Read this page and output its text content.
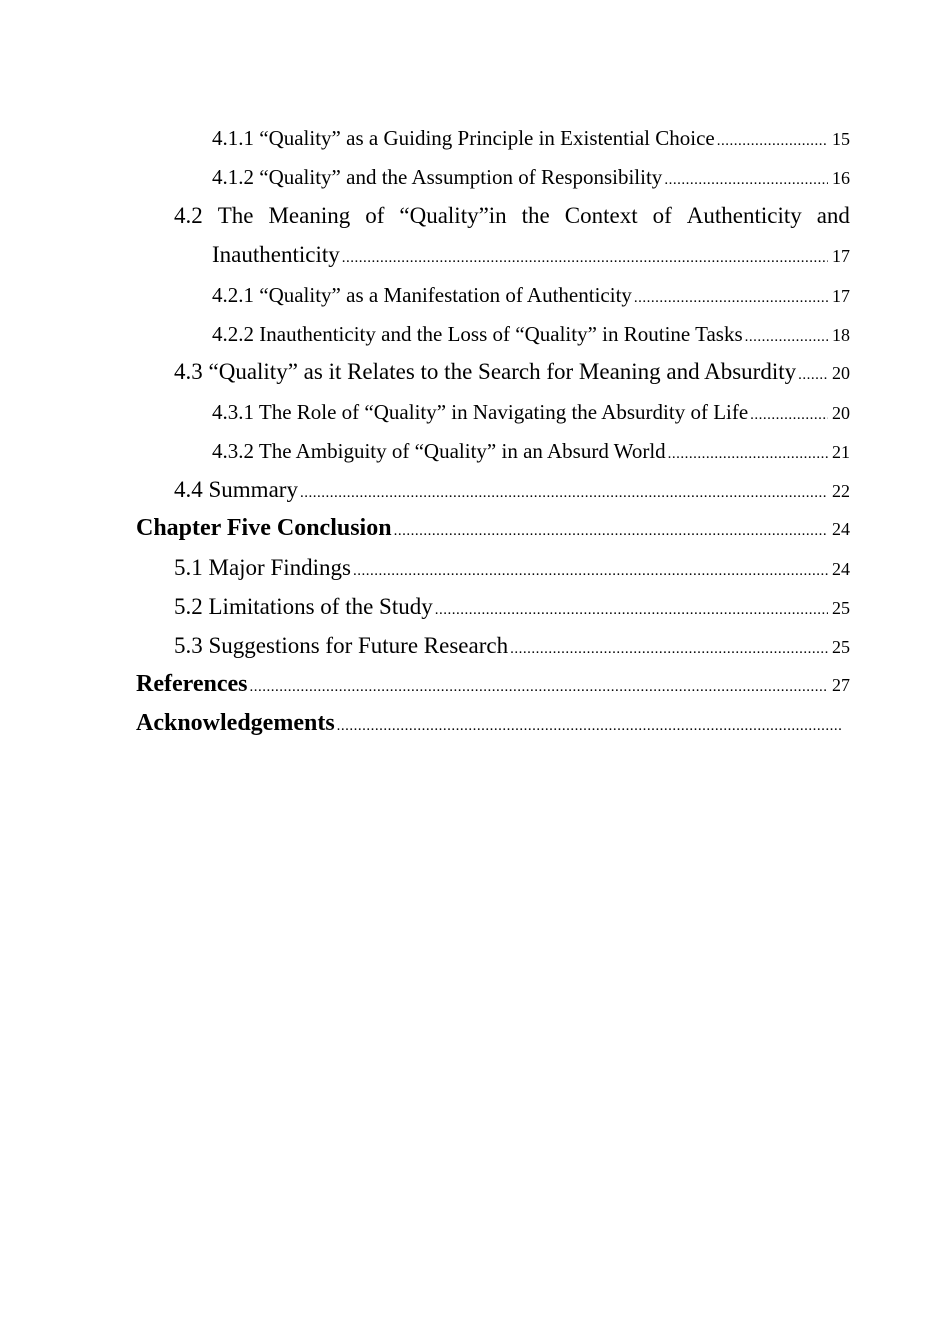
4.1.1 “Quality” as a Guiding Principle in Existential Choice .....	15
4.1.2 “Quality” and the Assumption of Responsibility .....	16
4.2 The Meaning of “Quality”in the Context of Authenticity and
Inauthenticity .....	17
4.2.1 “Quality” as a Manifestation of Authenticity .....	17
4.2.2 Inauthenticity and the Loss of “Quality” in Routine Tasks .....	18
4.3 “Quality” as it Relates to the Search for Meaning and Absurdity ..... 20
4.3.1 The Role of “Quality” in Navigating the Absurdity of Life .....	20
4.3.2 The Ambiguity of “Quality” in an Absurd World .....	21
4.4 Summary .....	22
Chapter Five Conclusion .....	24
5.1 Major Findings .....	24
5.2 Limitations of the Study .....	25
5.3 Suggestions for Future Research .....	25
References .....	27
Acknowledgements
.....
